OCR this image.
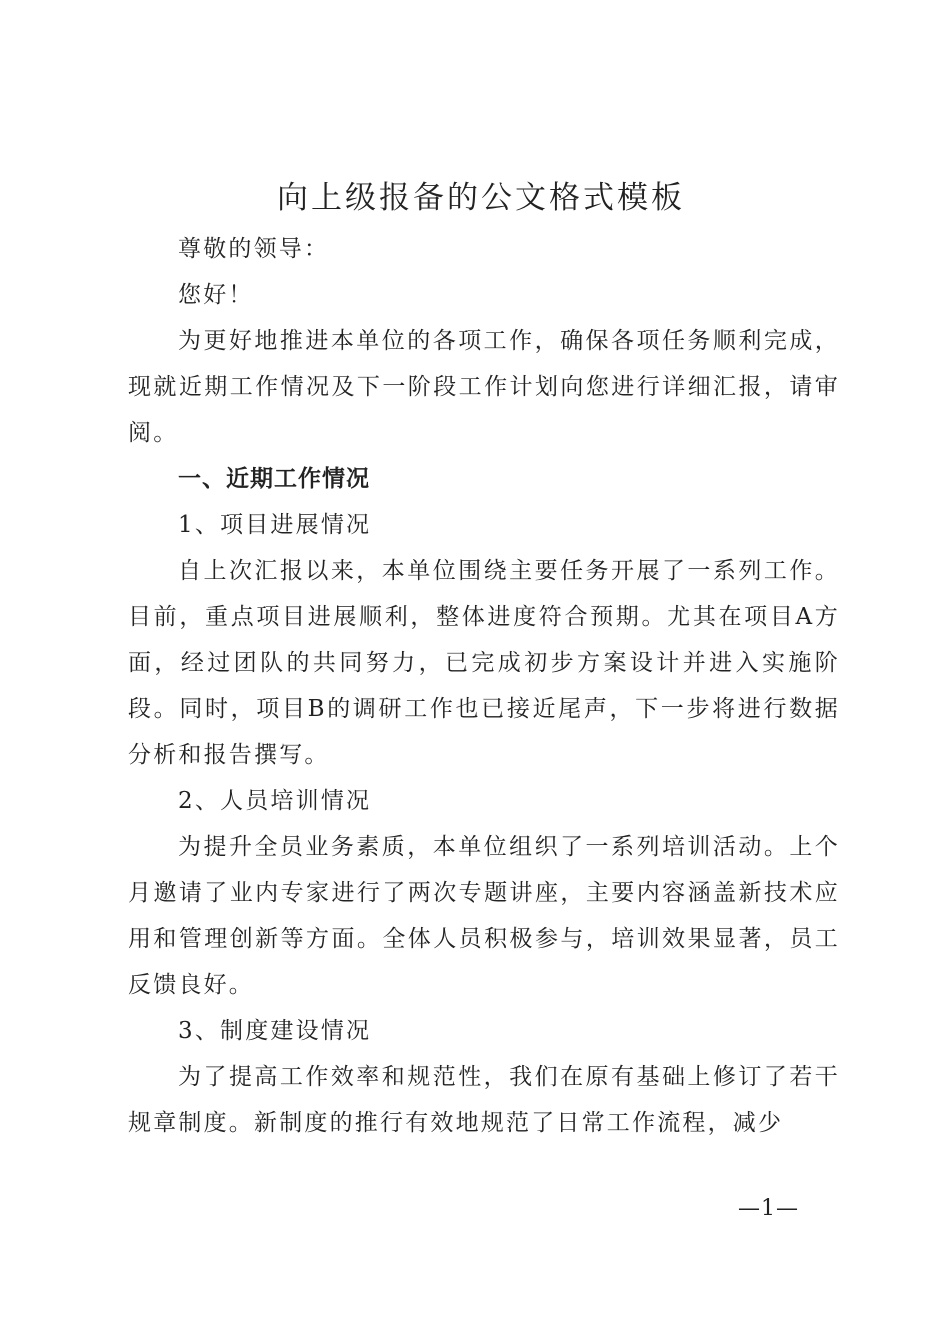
向上级报备的公文格式模板

尊敬的领导：

您好！

为更好地推进本单位的各项工作，确保各项任务顺利完成，现就近期工作情况及下一阶段工作计划向您进行详细汇报，请审阅。

一、近期工作情况

1、项目进展情况

自上次汇报以来，本单位围绕主要任务开展了一系列工作。目前，重点项目进展顺利，整体进度符合预期。尤其在项目A方面，经过团队的共同努力，已完成初步方案设计并进入实施阶段。同时，项目B的调研工作也已接近尾声，下一步将进行数据分析和报告撰写。

2、人员培训情况

为提升全员业务素质，本单位组织了一系列培训活动。上个月邀请了业内专家进行了两次专题讲座，主要内容涵盖新技术应用和管理创新等方面。全体人员积极参与，培训效果显著，员工反馈良好。

3、制度建设情况

为了提高工作效率和规范性，我们在原有基础上修订了若干规章制度。新制度的推行有效地规范了日常工作流程，减少

—1—
